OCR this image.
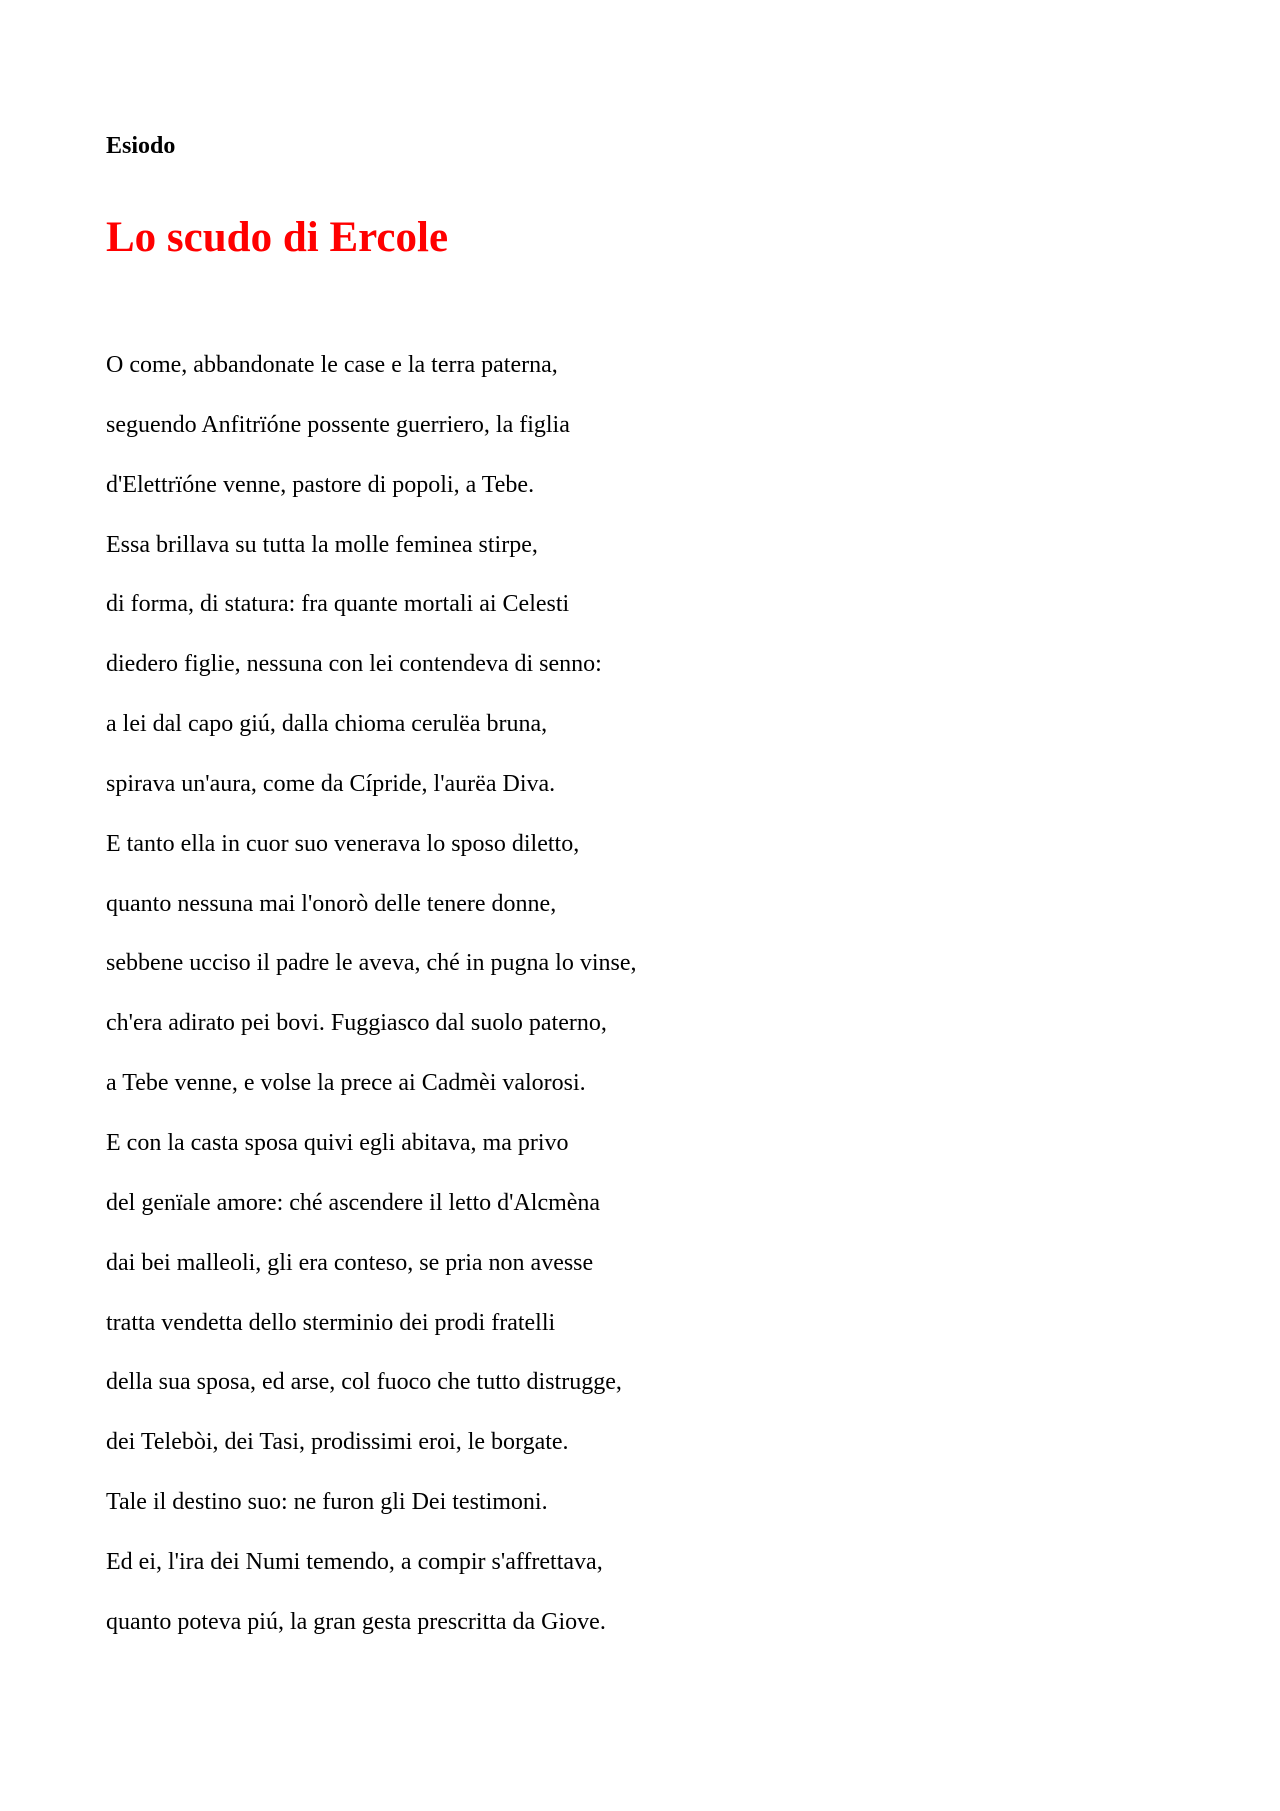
Esiodo

Lo scudo di Ercole
O come, abbandonate le case e la terra paterna,
seguendo Anfitrïóne possente guerriero, la figlia
d'Elettrïóne venne, pastore di popoli, a Tebe.
Essa brillava su tutta la molle feminea stirpe,
di forma, di statura: fra quante mortali ai Celesti
diedero figlie, nessuna con lei contendeva di senno:
a lei dal capo giú, dalla chioma cerulëa bruna,
spirava un'aura, come da Cípride, l'aurëa Diva.
E tanto ella in cuor suo venerava lo sposo diletto,
quanto nessuna mai l'onorò delle tenere donne,
sebbene ucciso il padre le aveva, ché in pugna lo vinse,
ch'era adirato pei bovi. Fuggiasco dal suolo paterno,
a Tebe venne, e volse la prece ai Cadmèi valorosi.
E con la casta sposa quivi egli abitava, ma privo
del genïale amore: ché ascendere il letto d'Alcmèna
dai bei malleoli, gli era conteso, se pria non avesse
tratta vendetta dello sterminio dei prodi fratelli
della sua sposa, ed arse, col fuoco che tutto distrugge,
dei Telebòi, dei Tasi, prodissimi eroi, le borgate.
Tale il destino suo: ne furon gli Dei testimoni.
Ed ei, l'ira dei Numi temendo, a compir s'affrettava,
quanto poteva piú, la gran gesta prescritta da Giove.
